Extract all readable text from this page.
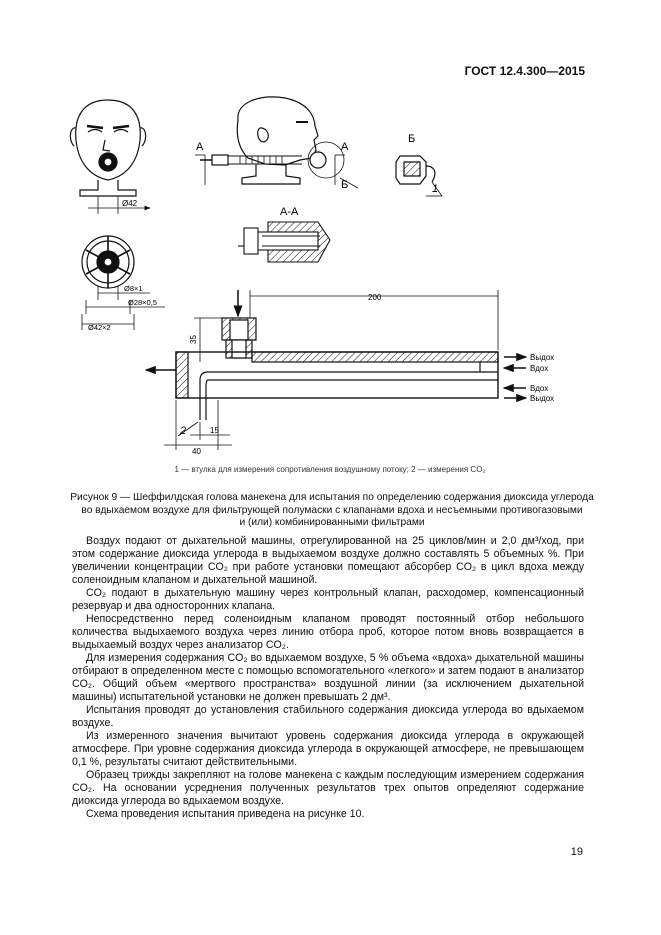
ГОСТ 12.4.300—2015
Ø42
Ø8×1
Ø28×0,5
Ø42×2
А	А
Б
Б
1
А-А
200
35
15
40
2
Выдох
Вдох
Вдох
Выдох
1 — втулка для измерения сопротивления воздушному потоку; 2 — измерения CO₂
Рисунок 9 — Шеффилдская голова манекена для испытания по определению содержания диоксида углерода
во вдыхаемом воздухе для фильтрующей полумаски с клапанами вдоха и несъемными противогазовыми
и (или) комбинированными фильтрами

Воздух подают от дыхательной машины, отрегулированной на 25 циклов/мин и 2,0 дм³/ход, при этом содержание диоксида углерода в выдыхаемом воздухе должно составлять 5 объемных %. При увеличении концентрации CO₂ при работе установки помещают абсорбер CO₂ в цикл вдоха между соленоидным клапаном и дыхательной машиной.

CO₂ подают в дыхательную машину через контрольный клапан, расходомер, компенсационный резервуар и два односторонних клапана.

Непосредственно перед соленоидным клапаном проводят постоянный отбор небольшого количества выдыхаемого воздуха через линию отбора проб, которое потом вновь возвращается в выдыхаемый воздух через анализатор CO₂.

Для измерения содержания CO₂ во вдыхаемом воздухе, 5 % объема «вдоха» дыхательной машины отбирают в определенном месте с помощью вспомогательного «легкого» и затем подают в анализатор CO₂. Общий объем «мертвого пространства» воздушной линии (за исключением дыхательной машины) испытательной установки не должен превышать 2 дм³.

Испытания проводят до установления стабильного содержания диоксида углерода во вдыхаемом воздухе.

Из измеренного значения вычитают уровень содержания диоксида углерода в окружающей атмосфере. При уровне содержания диоксида углерода в окружающей атмосфере, не превышающем 0,1 %, результаты считают действительными.

Образец трижды закрепляют на голове манекена с каждым последующим измерением содержания CO₂. На основании усреднения полученных результатов трех опытов определяют содержание диоксида углерода во вдыхаемом воздухе.

Схема проведения испытания приведена на рисунке 10.

19
